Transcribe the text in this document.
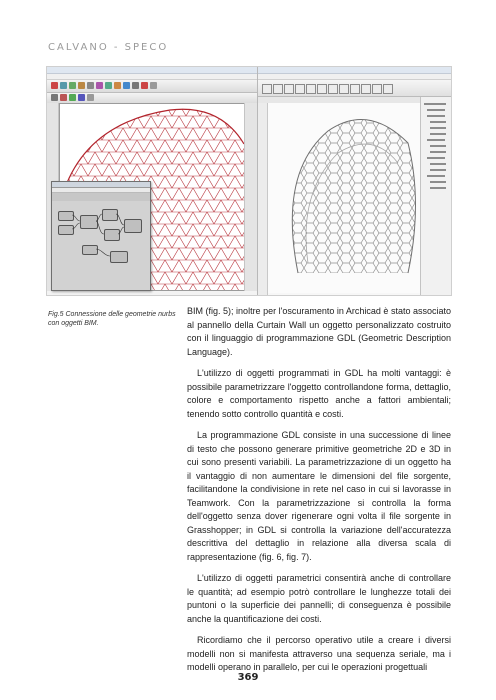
CALVANO - SPECO
Fig.5 Connessione delle geometrie nurbs con oggetti BIM.

BIM (fig. 5); inoltre per l'oscuramento in Archicad è stato associato al pannello della Curtain Wall un oggetto personalizzato costruito con il linguaggio di programmazione GDL (Geometric Description Language).

L'utilizzo di oggetti programmati in GDL ha molti vantaggi: è possibile parametrizzare l'oggetto controllandone forma, dettaglio, colore e comportamento rispetto anche a fattori ambientali; tenendo sotto controllo quantità e costi.

La programmazione GDL consiste in una successione di linee di testo che possono generare primitive geometriche 2D e 3D in cui sono presenti variabili. La parametrizzazione di un oggetto ha il vantaggio di non aumentare le dimensioni del file sorgente, facilitandone la condivisione in rete nel caso in cui si lavorasse in Teamwork. Con la parametrizzazione si controlla la forma dell'oggetto senza dover rigenerare ogni volta il file sorgente in Grasshopper; in GDL si controlla la variazione dell'accuratezza descrittiva del dettaglio in relazione alla diversa scala di rappresentazione (fig. 6, fig. 7).

L'utilizzo di oggetti parametrici consentirà anche di controllare le quantità; ad esempio potrò controllare le lunghezze totali dei puntoni o la superficie dei pannelli; di conseguenza è possibile anche la quantificazione dei costi.

Ricordiamo che il percorso operativo utile a creare i diversi modelli non si manifesta attraverso una sequenza seriale, ma i modelli operano in parallelo, per cui le operazioni progettuali

369
